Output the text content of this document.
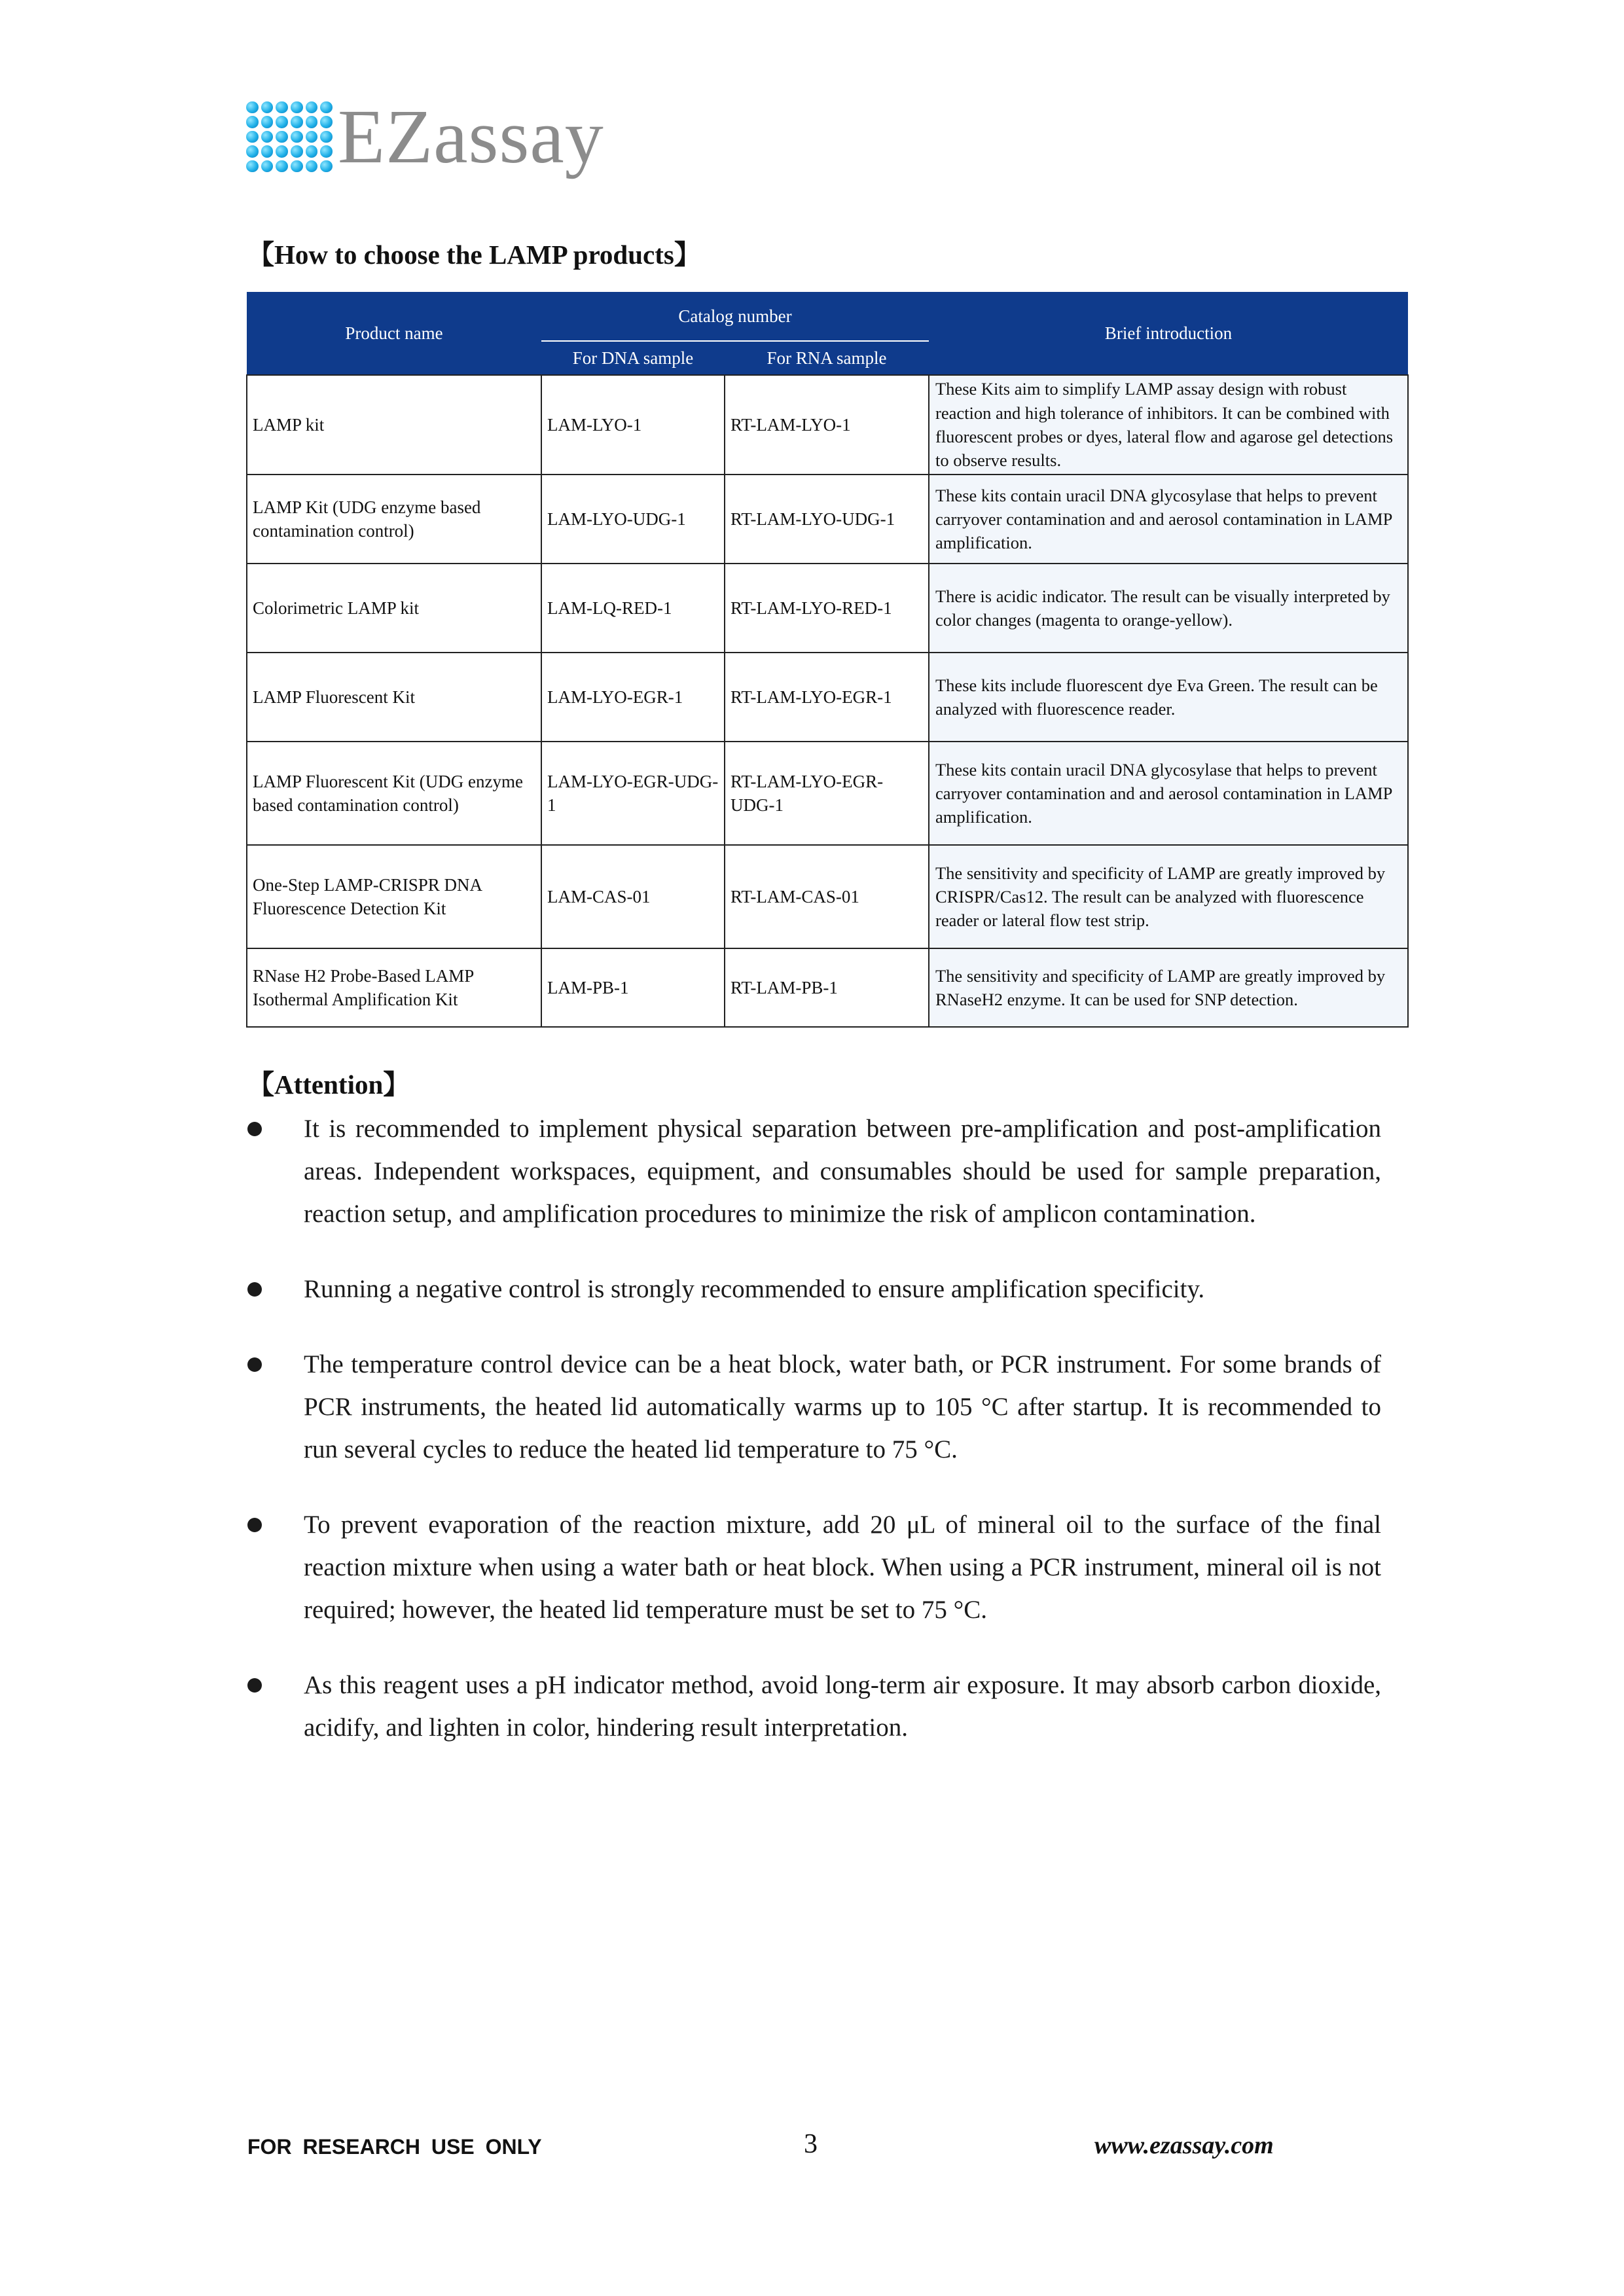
EZassay
【How to choose the LAMP products】
Product name	Catalog number		Brief introduction
	For DNA sample	For RNA sample	
LAMP kit	LAM-LYO-1	RT-LAM-LYO-1	These Kits aim to simplify LAMP assay design with robust reaction and high tolerance of inhibitors. It can be combined with fluorescent probes or dyes, lateral flow and agarose gel detections to observe results.
LAMP Kit (UDG enzyme based contamination control)	LAM-LYO-UDG-1	RT-LAM-LYO-UDG-1	These kits contain uracil DNA glycosylase that helps to prevent carryover contamination and and aerosol contamination in LAMP amplification.
Colorimetric LAMP kit	LAM-LQ-RED-1	RT-LAM-LYO-RED-1	There is acidic indicator. The result can be visually interpreted by color changes (magenta to orange-yellow).
LAMP Fluorescent Kit	LAM-LYO-EGR-1	RT-LAM-LYO-EGR-1	These kits include fluorescent dye Eva Green. The result can be analyzed with fluorescence reader.
LAMP Fluorescent Kit (UDG enzyme based contamination control)	LAM-LYO-EGR-UDG-1	RT-LAM-LYO-EGR-UDG-1	These kits contain uracil DNA glycosylase that helps to prevent carryover contamination and and aerosol contamination in LAMP amplification.
One-Step LAMP-CRISPR DNA Fluorescence Detection Kit	LAM-CAS-01	RT-LAM-CAS-01	The sensitivity and specificity of LAMP are greatly improved by CRISPR/Cas12. The result can be analyzed with fluorescence reader or lateral flow test strip.
RNase H2 Probe-Based LAMP Isothermal Amplification Kit	LAM-PB-1	RT-LAM-PB-1	The sensitivity and specificity of LAMP are greatly improved by RNaseH2 enzyme. It can be used for SNP detection.
【Attention】
It is recommended to implement physical separation between pre-amplification and post-amplification areas. Independent workspaces, equipment, and consumables should be used for sample preparation, reaction setup, and amplification procedures to minimize the risk of amplicon contamination.
Running a negative control is strongly recommended to ensure amplification specificity.
The temperature control device can be a heat block, water bath, or PCR instrument. For some brands of PCR instruments, the heated lid automatically warms up to 105 °C after startup. It is recommended to run several cycles to reduce the heated lid temperature to 75 °C.
To prevent evaporation of the reaction mixture, add 20 μL of mineral oil to the surface of the final reaction mixture when using a water bath or heat block. When using a PCR instrument, mineral oil is not required; however, the heated lid temperature must be set to 75 °C.
As this reagent uses a pH indicator method, avoid long-term air exposure. It may absorb carbon dioxide, acidify, and lighten in color, hindering result interpretation.
FOR RESEARCH USE ONLY	3	www.ezassay.com
